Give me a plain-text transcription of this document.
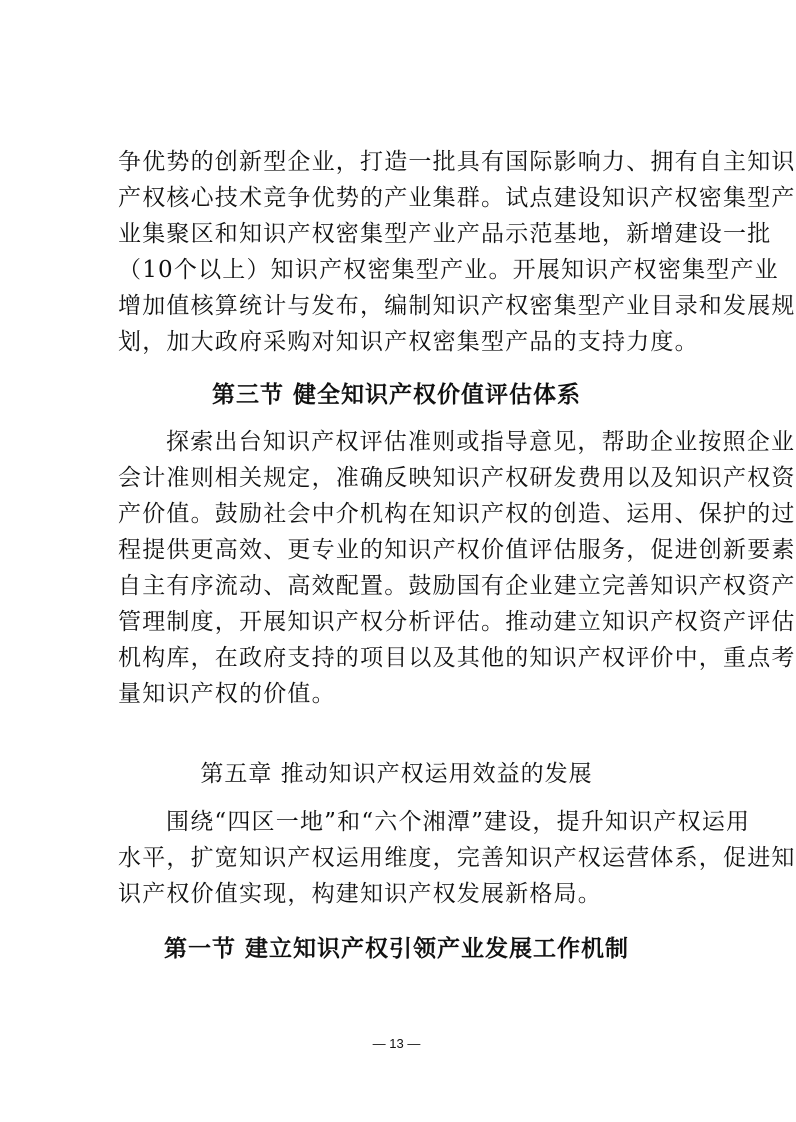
争优势的创新型企业，打造一批具有国际影响力、拥有自主知识
产权核心技术竞争优势的产业集群。试点建设知识产权密集型产
业集聚区和知识产权密集型产业产品示范基地，新增建设一批
（10个以上）知识产权密集型产业。开展知识产权密集型产业
增加值核算统计与发布，编制知识产权密集型产业目录和发展规
划，加大政府采购对知识产权密集型产品的支持力度。
第三节 健全知识产权价值评估体系
探索出台知识产权评估准则或指导意见，帮助企业按照企业
会计准则相关规定，准确反映知识产权研发费用以及知识产权资
产价值。鼓励社会中介机构在知识产权的创造、运用、保护的过
程提供更高效、更专业的知识产权价值评估服务，促进创新要素
自主有序流动、高效配置。鼓励国有企业建立完善知识产权资产
管理制度，开展知识产权分析评估。推动建立知识产权资产评估
机构库，在政府支持的项目以及其他的知识产权评价中，重点考
量知识产权的价值。
第五章 推动知识产权运用效益的发展
围绕“四区一地”和“六个湘潭”建设，提升知识产权运用
水平，扩宽知识产权运用维度，完善知识产权运营体系，促进知
识产权价值实现，构建知识产权发展新格局。
第一节 建立知识产权引领产业发展工作机制
— 13 —
